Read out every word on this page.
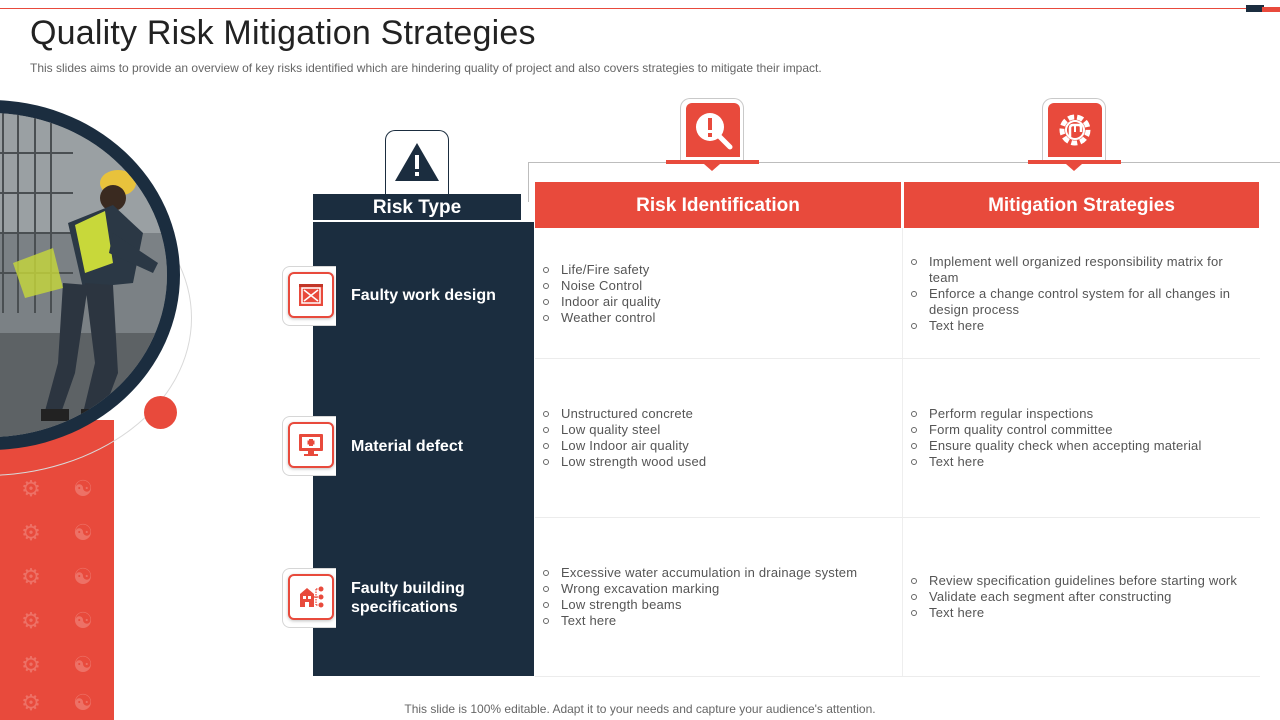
Quality Risk Mitigation Strategies
This slides aims to provide an overview of key risks identified which are hindering quality of project and also covers strategies to mitigate their impact.
⚙ ☯
⚙ ☯
⚙ ☯
⚙ ☯
⚙ ☯
⚙ ☯
Risk Type	Risk Identification	Mitigation Strategies
Faulty work design
Life/Fire safety
Noise Control
Indoor air quality
Weather control
Implement well organized responsibility matrix for team
Enforce a change control system for all changes in design process
Text here
Material defect
Unstructured concrete
Low quality steel
Low Indoor air quality
Low strength wood used
Perform regular inspections
Form quality control committee
Ensure quality check when accepting material
Text here
Faulty building specifications
Excessive water accumulation in drainage system
Wrong excavation marking
Low strength beams
Text here
Review specification guidelines before starting work
Validate each segment after constructing
Text here
This slide is 100% editable. Adapt it to your needs and capture your audience's attention.
